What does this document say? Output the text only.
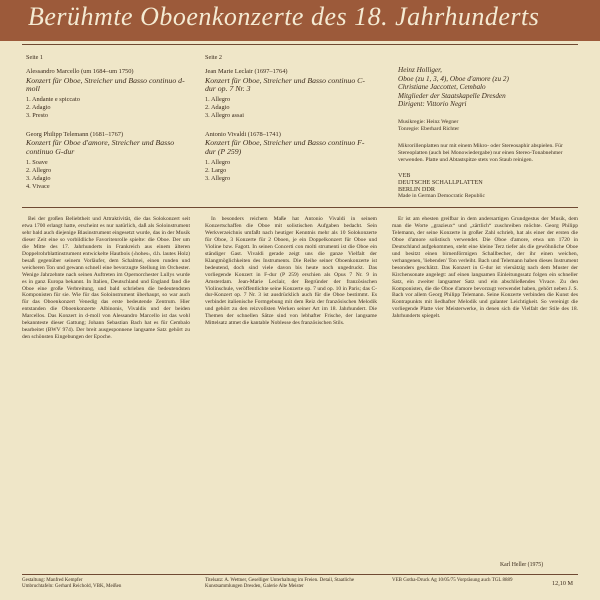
Berühmte Oboenkonzerte des 18. Jahrhunderts
Seite 1
Alessandro Marcello (um 1684–um 1750)
Konzert für Oboe, Streicher und Basso continuo d-moll
1. Andante e spiccato
2. Adagio
3. Presto
Georg Philipp Telemann (1681–1767)
Konzert für Oboe d'amore, Streicher und Basso continuo G-dur
1. Soave
2. Allegro
3. Adagio
4. Vivace
Seite 2
Jean Marie Leclair (1697–1764)
Konzert für Oboe, Streicher und Basso continuo C-dur op. 7 Nr. 3
1. Allegro
2. Adagio
3. Allegro assai
Antonio Vivaldi (1678–1741)
Konzert für Oboe, Streicher und Basso continuo F-dur (P 259)
1. Allegro
2. Largo
3. Allegro
Heinz Holliger,
Oboe (zu 1, 3, 4), Oboe d'amore (zu 2)
Christiane Jaccottet, Cembalo
Mitglieder der Staatskapelle Dresden
Dirigent: Vittorio Negri
Musikregie: Heinz Wegner
Tonregie: Eberhard Richter
Mikrorillenplatten nur mit einem Mikro- oder Stereosaphir abspielen. Für Stereoplatten (auch bei Monowiedergabe) nur einen Stereo-Tonabnehmer verwenden. Platte und Abtastspitze stets von Staub reinigen.
VEB
DEUTSCHE SCHALLPLATTEN
BERLIN DDR
Made in German Democratic Republic

Bei der großen Beliebtheit und Attraktivität, die das Solokonzert seit etwa 1700 erlangt hatte, erscheint es nur natürlich, daß als Soloinstrument sehr bald auch diejenige Blasinstrument eingesetzt wurde, das in der Musik dieser Zeit eine so vorbildliche Favoritenrolle spielte: die Oboe. Der um die Mitte des 17. Jahrhunderts in Frankreich aus einem älteren Doppelrohrblattinstrument entwickelte Hautbois (›hohes‹, d.h. lautes Holz) besaß gegenüber seinem Vorläufer, dem Schalmei, einen runden und weicheren Ton und gewann schnell eine bevorzugte Stellung im Orchester. Wenige Jahrzehnte nach seinen Auftreten im Opernorchester Lullys wurde es in ganz Europa bekannt. In Italien, Deutschland und England fand die Oboe eine große Verbreitung, und bald schrieben die bedeutendsten Komponisten für sie. Wie für das Soloinstrument überhaupt, so war auch für das Oboenkonzert Venedig das erste bedeutende Zentrum. Hier entstanden die Oboenkonzerte Albinonis, Vivaldis und der beiden Marcellos. Das Konzert in d-moll von Alessandro Marcello ist das wohl bekannteste dieser Gattung; Johann Sebastian Bach hat es für Cembalo bearbeitet (BWV 974). Der breit ausgesponnene langsame Satz gehört zu den schönsten Eingebungen der Epoche.

In besonders reichem Maße hat Antonio Vivaldi in seinem Konzertschaffen die Oboe mit solistischen Aufgaben bedacht. Sein Werkverzeichnis umfaßt nach heutiger Kenntnis mehr als 10 Solokonzerte für Oboe, 3 Konzerte für 2 Oboen, je ein Doppelkonzert für Oboe und Violine bzw. Fagott. In seinen Concerti con molti strumenti ist die Oboe ein ständiger Gast. Vivaldi gerade zeigt uns die ganze Vielfalt der Klangmöglichkeiten des Instruments. Die Reihe seiner Oboenkonzerte ist bedeutend, doch sind viele davon bis heute noch ungedruckt. Das vorliegende Konzert in F-dur (P 259) erschien als Opus 7 Nr. 9 in Amsterdam. Jean-Marie Leclair, der Begründer der französischen Violinschule, veröffentlichte seine Konzerte op. 7 und op. 10 in Paris; das C-dur-Konzert op. 7 Nr. 3 ist ausdrücklich auch für die Oboe bestimmt. Es verbindet italienische Formgebung mit dem Reiz der französischen Melodik und gehört zu den reizvollsten Werken seiner Art im 18. Jahrhundert. Die Themen der schnellen Sätze sind von lebhafter Frische, der langsame Mittelsatz atmet die kantable Noblesse des französischen Stils.

Er ist am ehesten greifbar in dem andersartigen Grundgestus der Musik, dem man die Worte „grazieux“ und „zärtlich“ zuschreiben möchte. Georg Philipp Telemann, der seine Konzerte in großer Zahl schrieb, hat als einer der ersten die Oboe d'amore solistisch verwendet. Die Oboe d'amore, etwa um 1720 in Deutschland aufgekommen, steht eine kleine Terz tiefer als die gewöhnliche Oboe und besitzt einen birnenförmigen Schallbecher, der ihr einen weichen, verhangenen, 'liebenden' Ton verleiht. Bach und Telemann haben dieses Instrument besonders geschätzt. Das Konzert in G-dur ist viersätzig nach dem Muster der Kirchensonate angelegt: auf einen langsamen Einleitungssatz folgen ein schneller Satz, ein zweiter langsamer Satz und ein abschließendes Vivace. Zu den Komponisten, die die Oboe d'amore bevorzugt verwendet haben, gehört neben J. S. Bach vor allem Georg Philipp Telemann. Seine Konzerte verbinden die Kunst des Kontrapunkts mit liedhafter Melodik und galanter Leichtigkeit. So vereinigt die vorliegende Platte vier Meisterwerke, in denen sich die Vielfalt der Stile des 18. Jahrhunderts spiegelt.

Karl Heller (1975)
Gestaltung: Manfred Kempfer
Umbruchtafeln: Gerhard Reichold, VBK, Meißen
Titelsatz: A. Wettner, Geselliger Unterhaltung im Freien. Detail, Staatliche Kunstsammlungen Dresden, Galerie Alte Meister
VEB Gotha-Druck Ag 10/05/75 Vorpräsung auch TGL 8889	12,10 M
